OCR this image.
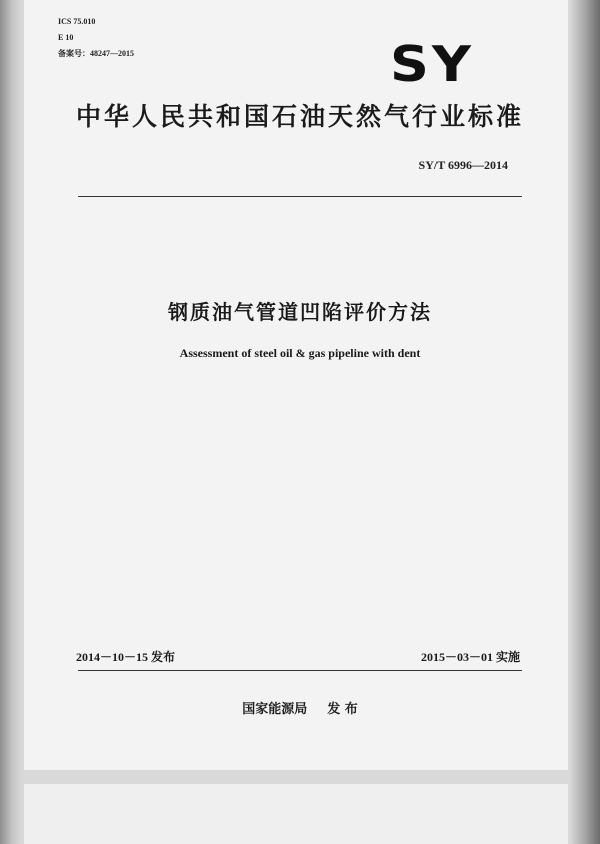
ICS 75.010
E 10
备案号：48247—2015	SY
中华人民共和国石油天然气行业标准
SY/T 6996—2014
钢质油气管道凹陷评价方法
Assessment of steel oil & gas pipeline with dent
2014－10－15 发布	2015－03－01 实施
国家能源局 发 布
